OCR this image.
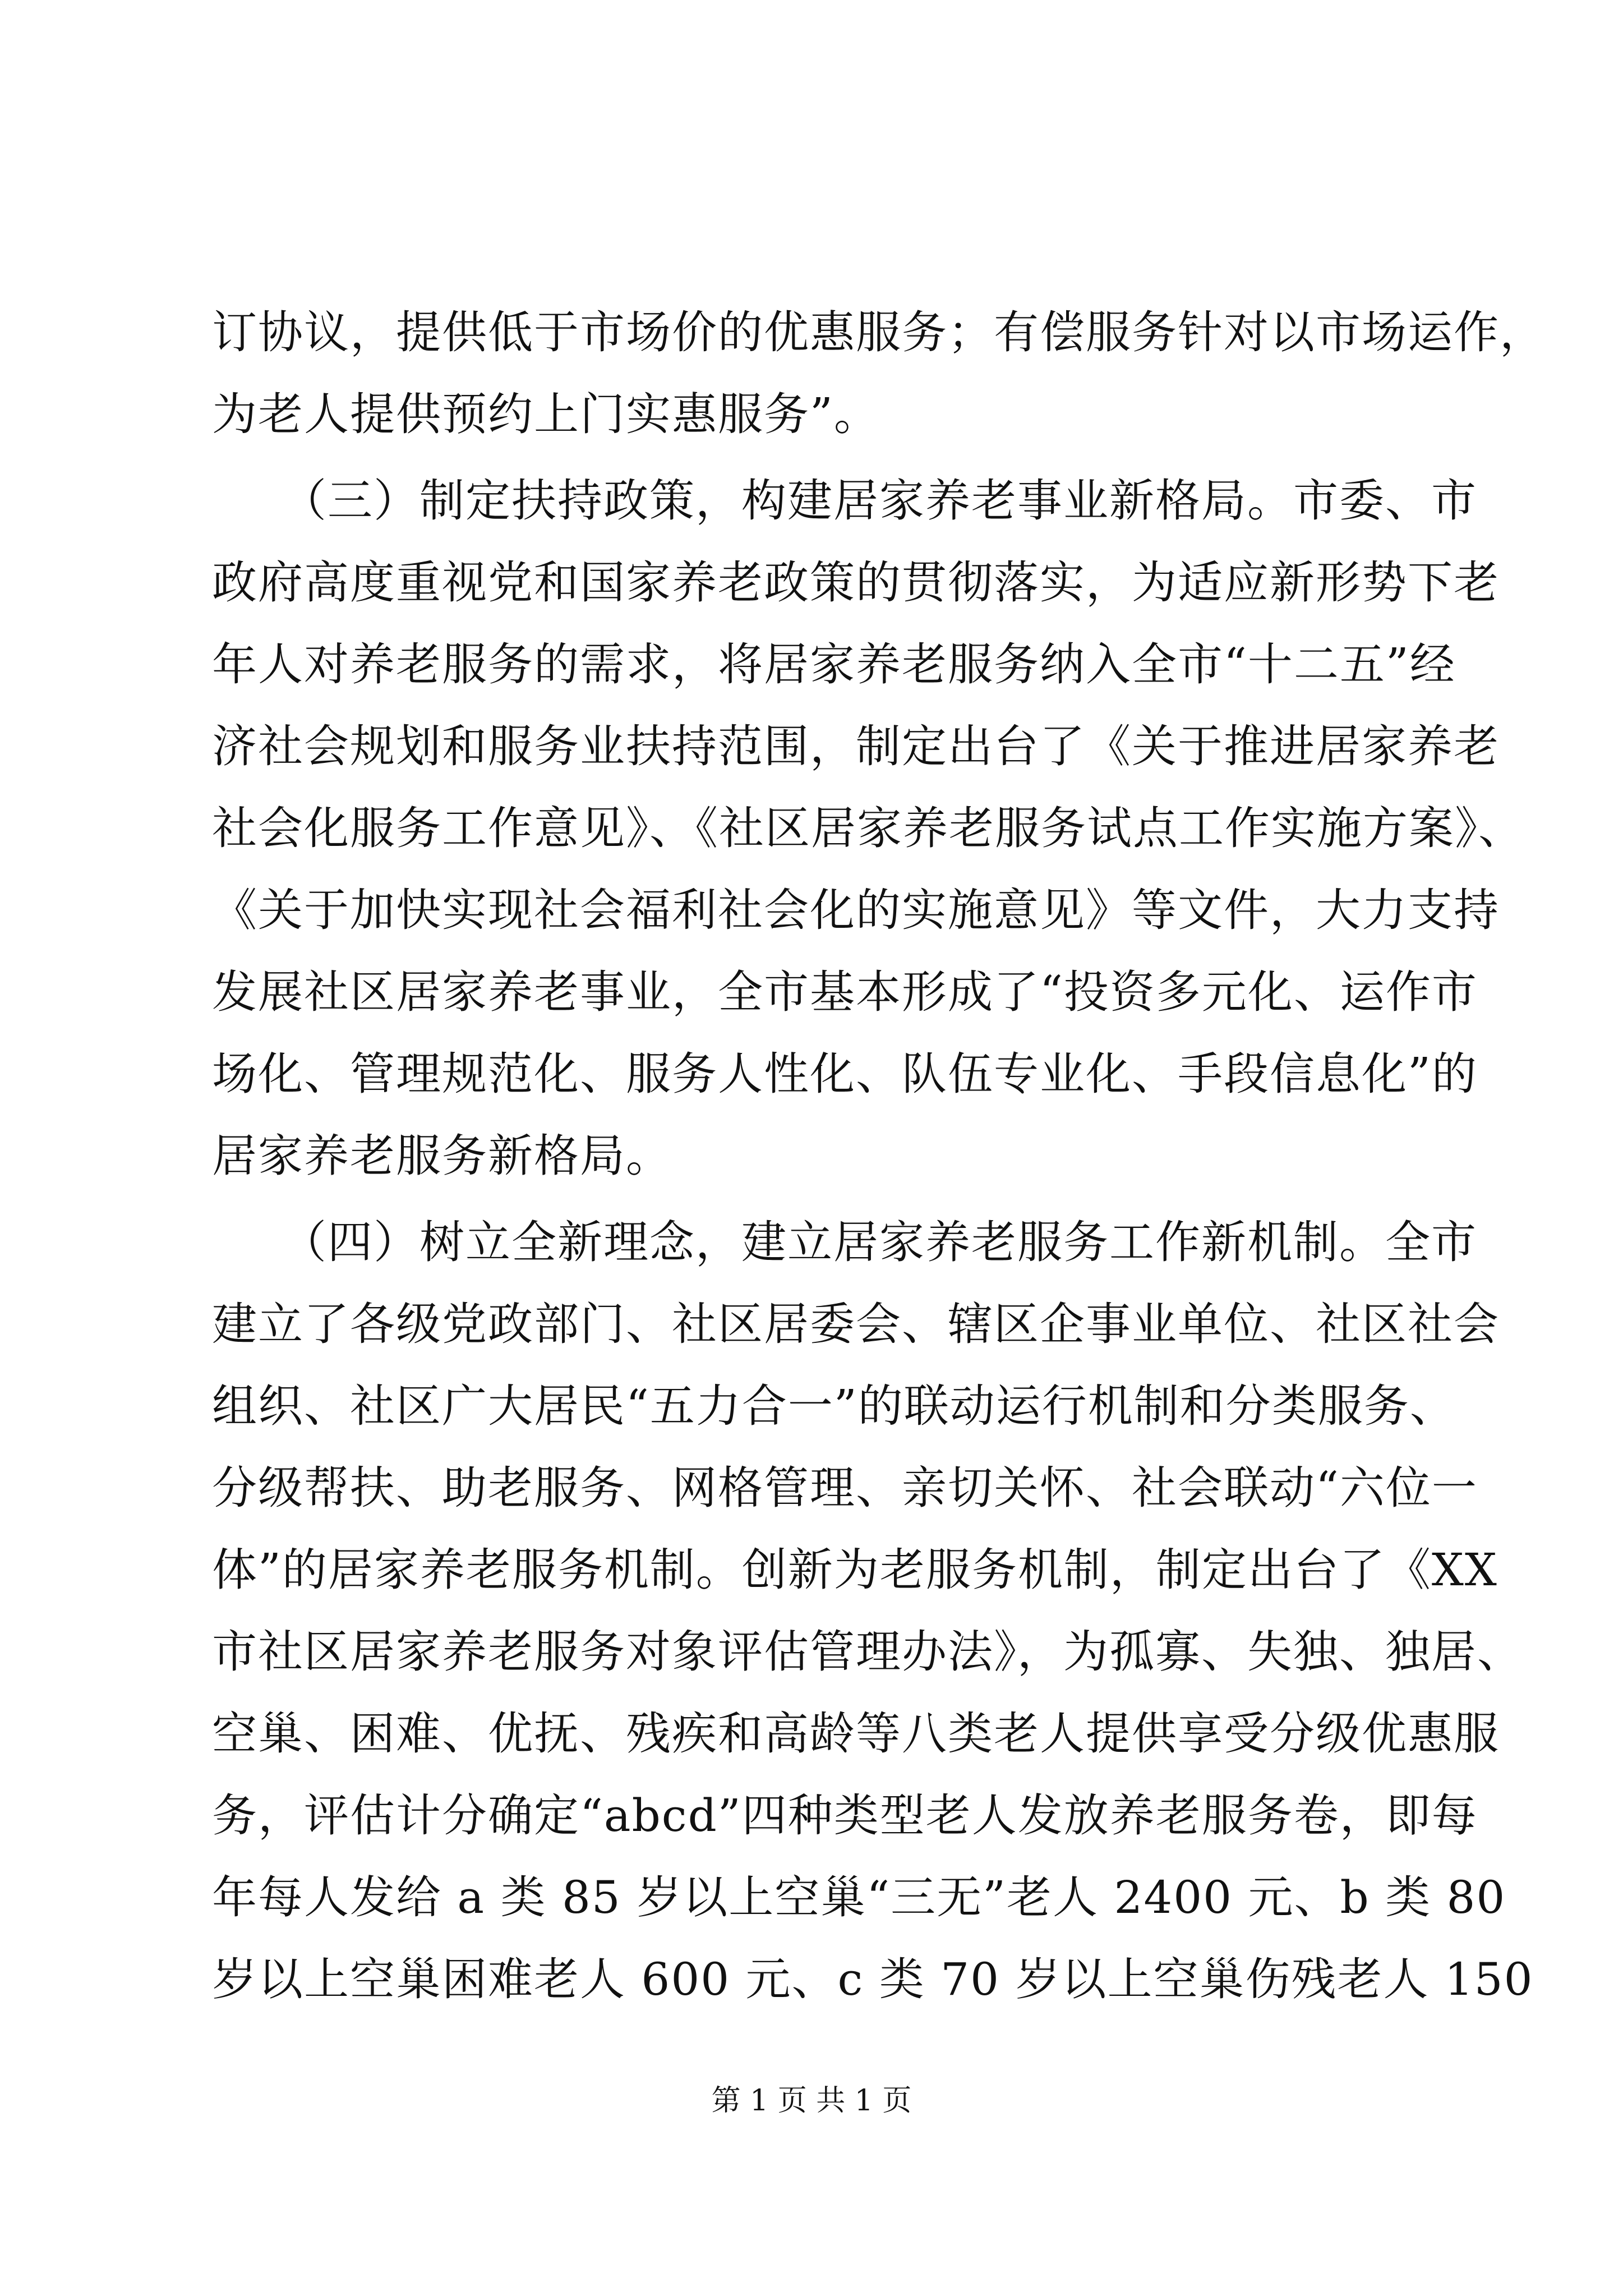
订协议，提供低于市场价的优惠服务；有偿服务针对以市场运作，
为老人提供预约上门实惠服务”。
　　（三）制定扶持政策，构建居家养老事业新格局。市委、市
政府高度重视党和国家养老政策的贯彻落实，为适应新形势下老
年人对养老服务的需求，将居家养老服务纳入全市“十二五”经
济社会规划和服务业扶持范围，制定出台了《关于推进居家养老
社会化服务工作意见》、《社区居家养老服务试点工作实施方案》、
《关于加快实现社会福利社会化的实施意见》等文件，大力支持
发展社区居家养老事业，全市基本形成了“投资多元化、运作市
场化、管理规范化、服务人性化、队伍专业化、手段信息化”的
居家养老服务新格局。
　　（四）树立全新理念，建立居家养老服务工作新机制。全市
建立了各级党政部门、社区居委会、辖区企事业单位、社区社会
组织、社区广大居民“五力合一”的联动运行机制和分类服务、
分级帮扶、助老服务、网格管理、亲切关怀、社会联动“六位一
体”的居家养老服务机制。创新为老服务机制，制定出台了《XX
市社区居家养老服务对象评估管理办法》，为孤寡、失独、独居、
空巢、困难、优抚、残疾和高龄等八类老人提供享受分级优惠服
务，评估计分确定“abcd”四种类型老人发放养老服务卷，即每
年每人发给 a 类 85 岁以上空巢“三无”老人 2400 元、b 类 80
岁以上空巢困难老人 600 元、c 类 70 岁以上空巢伤残老人 150
第 1 页 共 1 页
